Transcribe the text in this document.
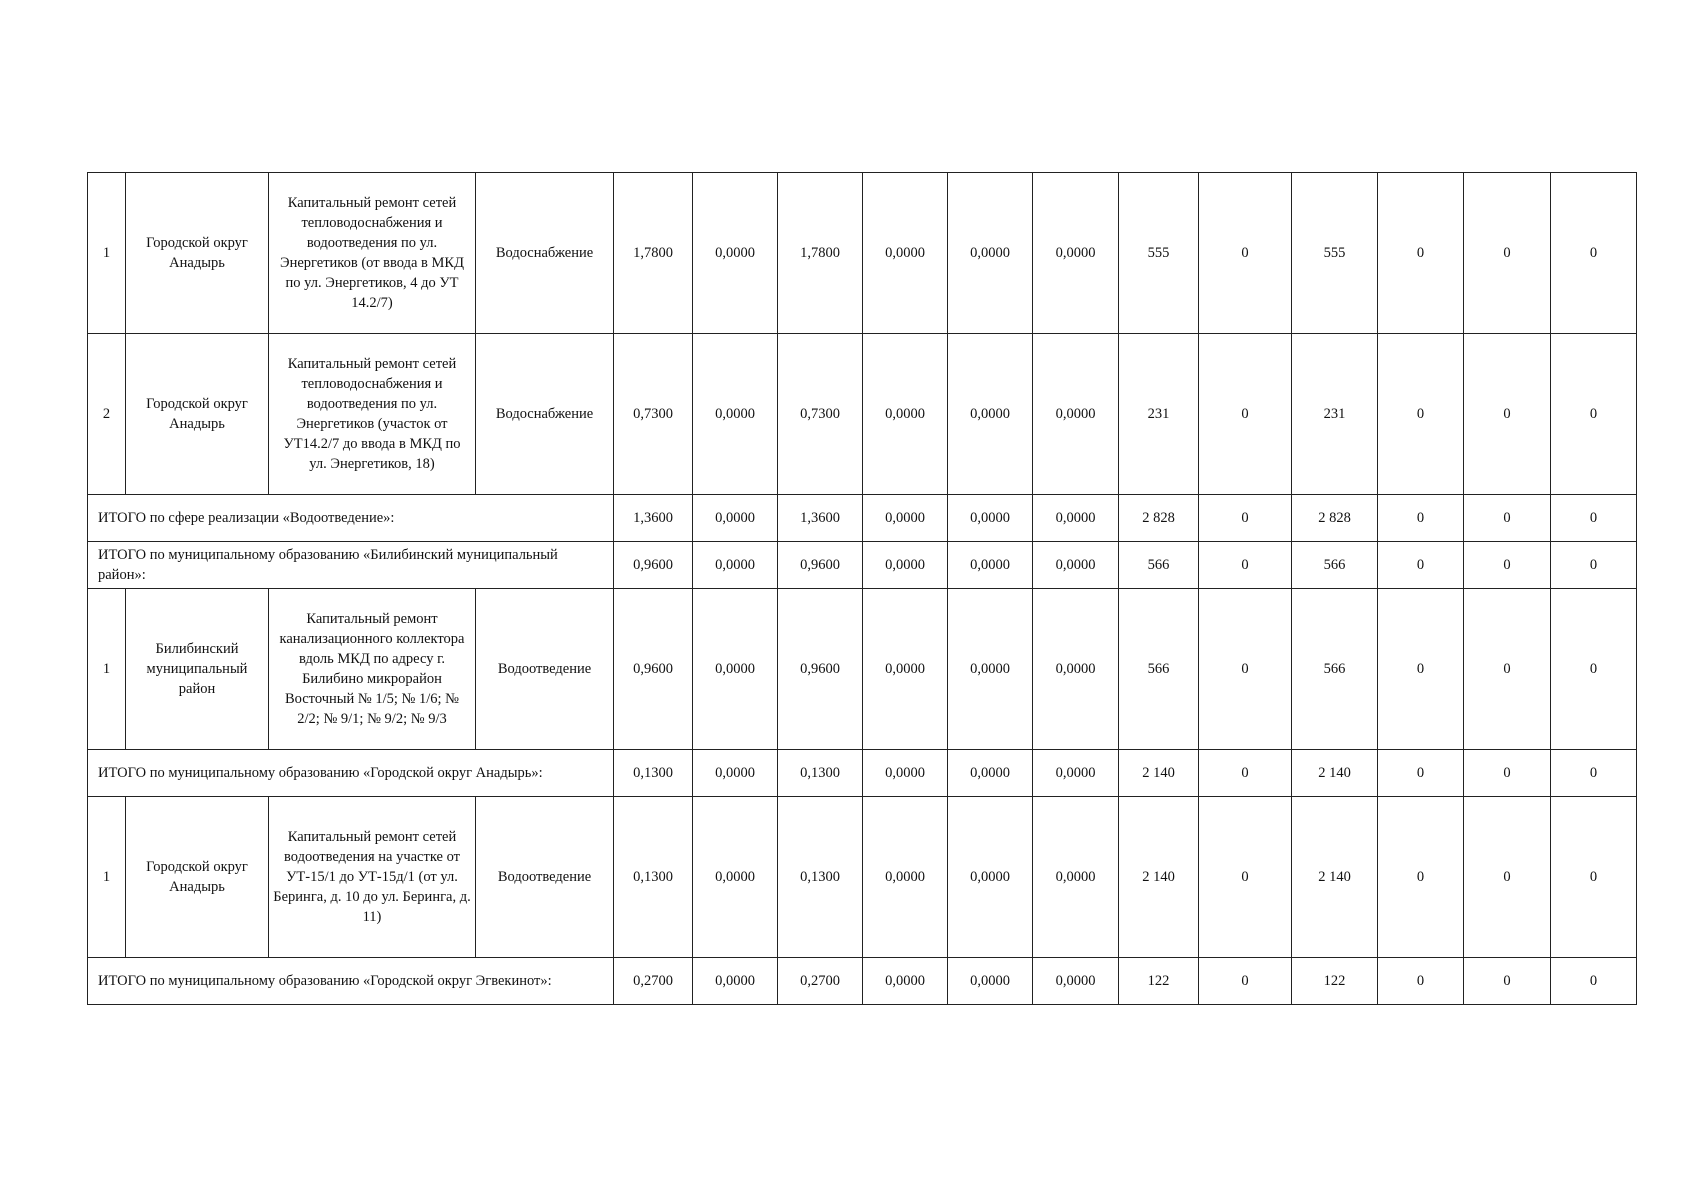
1	Городской округ Анадырь	Капитальный ремонт сетей тепловодоснабжения и водоотведения по ул. Энергетиков (от ввода в МКД по ул. Энергетиков, 4 до УТ 14.2/7)	Водоснабжение	1,7800	0,0000	1,7800	0,0000	0,0000	0,0000	555	0	555	0	0	0
2	Городской округ Анадырь	Капитальный ремонт сетей тепловодоснабжения и водоотведения по ул. Энергетиков (участок от УТ14.2/7 до ввода в МКД по ул. Энергетиков, 18)	Водоснабжение	0,7300	0,0000	0,7300	0,0000	0,0000	0,0000	231	0	231	0	0	0
ИТОГО по сфере реализации «Водоотведение»:				1,3600	0,0000	1,3600	0,0000	0,0000	0,0000	2 828	0	2 828	0	0	0
ИТОГО по муниципальному образованию «Билибинский муниципальный район»:				0,9600	0,0000	0,9600	0,0000	0,0000	0,0000	566	0	566	0	0	0
1	Билибинский муниципальный район	Капитальный ремонт канализационного коллектора вдоль МКД по адресу г. Билибино микрорайон Восточный № 1/5; № 1/6; № 2/2; № 9/1; № 9/2; № 9/3	Водоотведение	0,9600	0,0000	0,9600	0,0000	0,0000	0,0000	566	0	566	0	0	0
ИТОГО по муниципальному образованию «Городской округ Анадырь»:				0,1300	0,0000	0,1300	0,0000	0,0000	0,0000	2 140	0	2 140	0	0	0
1	Городской округ Анадырь	Капитальный ремонт сетей водоотведения на участке от УТ-15/1 до УТ-15д/1 (от ул. Беринга, д. 10 до ул. Беринга, д. 11)	Водоотведение	0,1300	0,0000	0,1300	0,0000	0,0000	0,0000	2 140	0	2 140	0	0	0
ИТОГО по муниципальному образованию «Городской округ Эгвекинот»:				0,2700	0,0000	0,2700	0,0000	0,0000	0,0000	122	0	122	0	0	0
